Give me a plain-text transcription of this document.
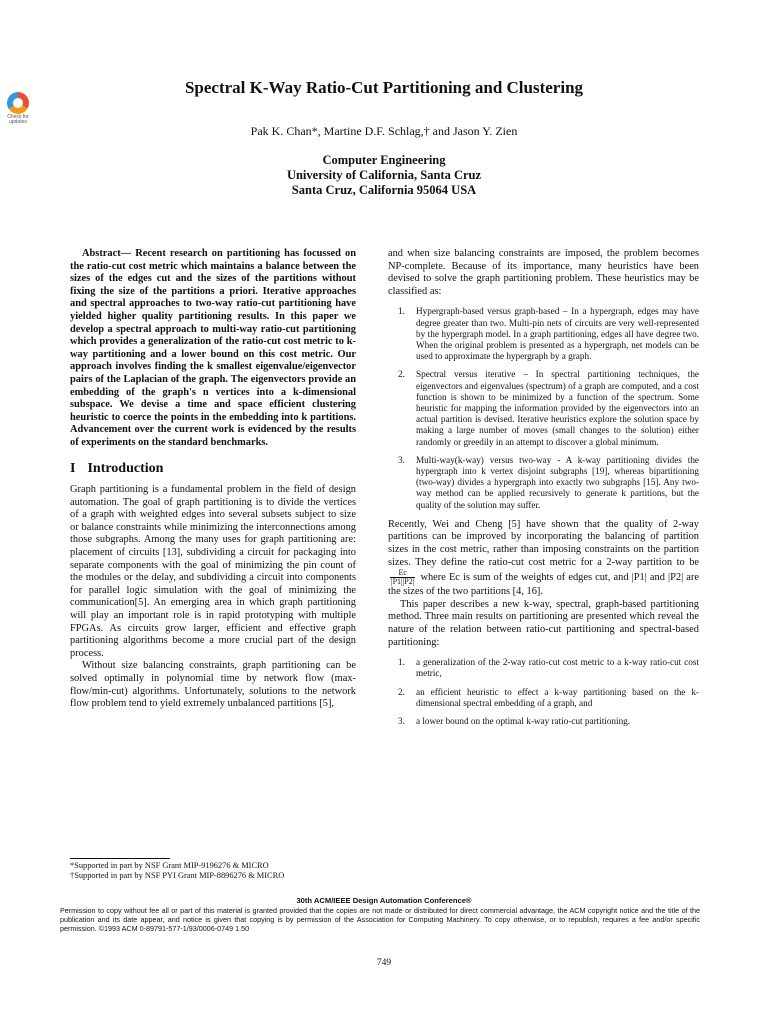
Check for updates
Spectral K-Way Ratio-Cut Partitioning and Clustering
Pak K. Chan*, Martine D.F. Schlag,† and Jason Y. Zien
Computer Engineering
University of California, Santa Cruz
Santa Cruz, California 95064 USA

Abstract— Recent research on partitioning has focussed on the ratio-cut cost metric which maintains a balance between the sizes of the edges cut and the sizes of the partitions without fixing the size of the partitions a priori. Iterative approaches and spectral approaches to two-way ratio-cut partitioning have yielded higher quality partitioning results. In this paper we develop a spectral approach to multi-way ratio-cut partitioning which provides a generalization of the ratio-cut cost metric to k-way partitioning and a lower bound on this cost metric. Our approach involves finding the k smallest eigenvalue/eigenvector pairs of the Laplacian of the graph. The eigenvectors provide an embedding of the graph's n vertices into a k-dimensional subspace. We devise a time and space efficient clustering heuristic to coerce the points in the embedding into k partitions. Advancement over the current work is evidenced by the results of experiments on the standard benchmarks.

I Introduction

Graph partitioning is a fundamental problem in the field of design automation. The goal of graph partitioning is to divide the vertices of a graph with weighted edges into several subsets subject to size or balance constraints while minimizing the interconnections among those subgraphs. Among the many uses for graph partitioning are: placement of circuits [13], subdividing a circuit for packaging into separate components with the goal of minimizing the pin count of the modules or the delay, and subdividing a circuit into components for parallel logic simulation with the goal of minimizing the communication[5]. An emerging area in which graph partitioning will play an important role is in rapid prototyping with multiple FPGAs. As circuits grow larger, efficient and effective graph partitioning algorithms become a more crucial part of the design process.

Without size balancing constraints, graph partitioning can be solved optimally in polynomial time by network flow (max-flow/min-cut) algorithms. Unfortunately, solutions to the network flow problem tend to yield extremely unbalanced partitions [5],

*Supported in part by NSF Grant MIP-9196276 & MICRO
†Supported in part by NSF PYI Grant MIP-8896276 & MICRO

and when size balancing constraints are imposed, the problem becomes NP-complete. Because of its importance, many heuristics have been devised to solve the graph partitioning problem. These heuristics may be classified as:

1. Hypergraph-based versus graph-based – In a hypergraph, edges may have degree greater than two. Multi-pin nets of circuits are very well-represented by the hypergraph model. In a graph partitioning, edges all have degree two. When the original problem is presented as a hypergraph, net models can be used to approximate the hypergraph by a graph.
2. Spectral versus iterative – In spectral partitioning techniques, the eigenvectors and eigenvalues (spectrum) of a graph are computed, and a cost function is shown to be minimized by a function of the spectrum. Some heuristic for mapping the information provided by the eigenvectors into an actual partition is devised. Iterative heuristics explore the solution space by making a large number of moves (small changes to the solution) either randomly or greedily in an attempt to discover a global minimum.
3. Multi-way(k-way) versus two-way - A k-way partitioning divides the hypergraph into k vertex disjoint subgraphs [19], whereas bipartitioning (two-way) divides a hypergraph into exactly two subgraphs [15]. Any two-way method can be applied recursively to generate k partitions, but the quality of the solution may suffer.

Recently, Wei and Cheng [5] have shown that the quality of 2-way partitions can be improved by incorporating the balancing of partition sizes in the cost metric, rather than imposing constraints on the partition sizes. They define the ratio-cut cost metric for a 2-way partition to be
$\frac{Ec}{|P1||P2|}$ where Ec is sum of the weights of edges cut, and |P1| and |P2| are the sizes of the two partitions [4, 16].

This paper describes a new k-way, spectral, graph-based partitioning method. Three main results on partitioning are presented which reveal the nature of the relation between ratio-cut partitioning and spectral-based partitioning:

1. a generalization of the 2-way ratio-cut cost metric to a k-way ratio-cut cost metric,
2. an efficient heuristic to effect a k-way partitioning based on the k-dimensional spectral embedding of a graph, and
3. a lower bound on the optimal k-way ratio-cut partitioning.
30th ACM/IEEE Design Automation Conference®
Permission to copy without fee all or part of this material is granted provided that the copies are not made or distributed for direct commercial advantage, the ACM copyright notice and the title of the publication and its date appear, and notice is given that copying is by permission of the Association for Computing Machinery. To copy otherwise, or to republish, requires a fee and/or specific permission. ©1993 ACM 0-89791-577-1/93/0006-0749 1.50
749
